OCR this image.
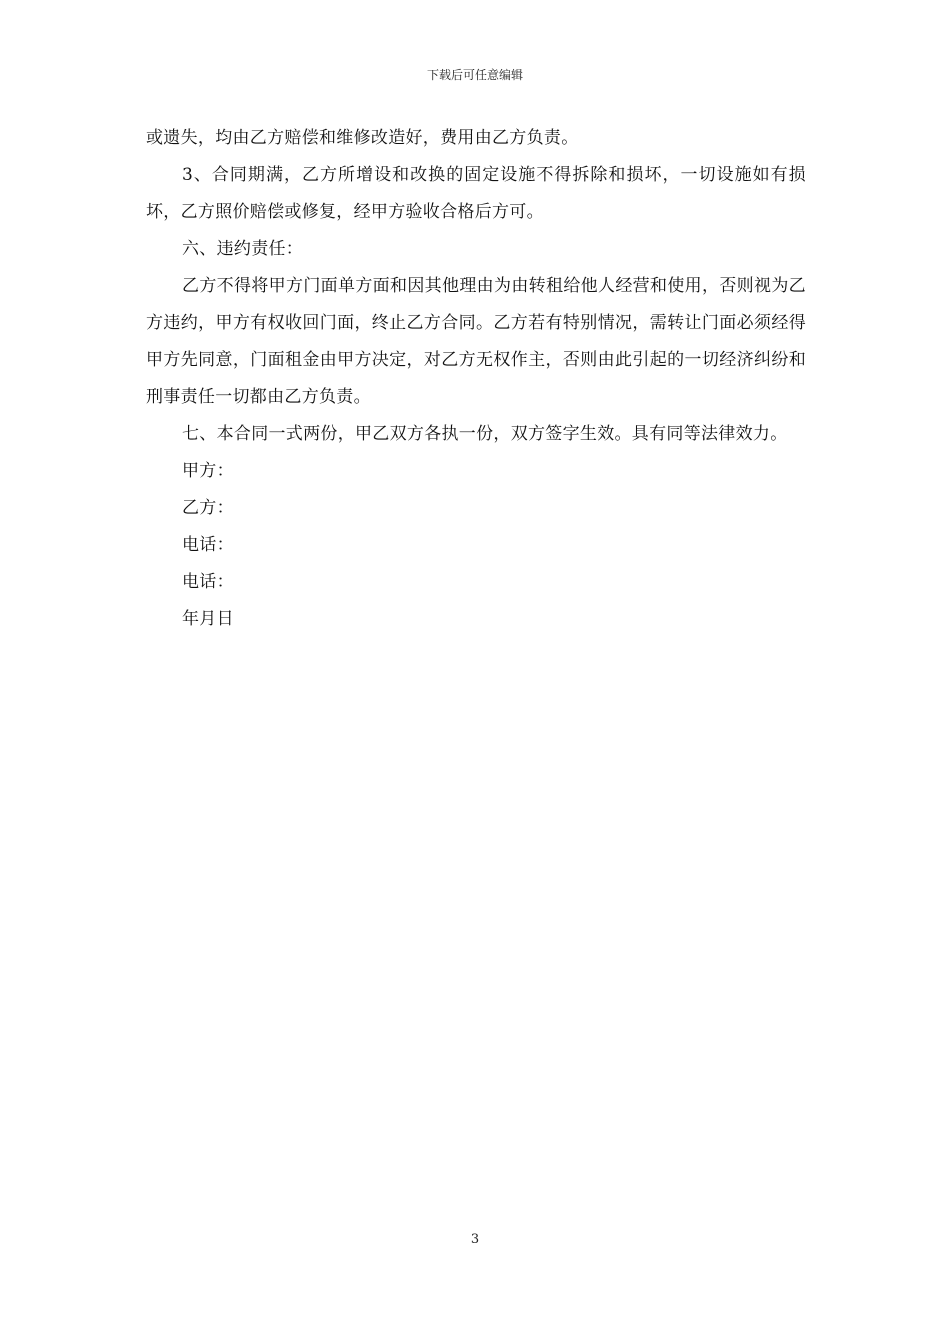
下载后可任意编辑

或遗失，均由乙方赔偿和维修改造好，费用由乙方负责。

3、合同期满，乙方所增设和改换的固定设施不得拆除和损坏，一切设施如有损坏，乙方照价赔偿或修复，经甲方验收合格后方可。

六、违约责任：

乙方不得将甲方门面单方面和因其他理由为由转租给他人经营和使用，否则视为乙方违约，甲方有权收回门面，终止乙方合同。乙方若有特别情况，需转让门面必须经得甲方先同意，门面租金由甲方决定，对乙方无权作主，否则由此引起的一切经济纠纷和刑事责任一切都由乙方负责。

七、本合同一式两份，甲乙双方各执一份，双方签字生效。具有同等法律效力。

甲方：

乙方：

电话：

电话：

年月日

3
